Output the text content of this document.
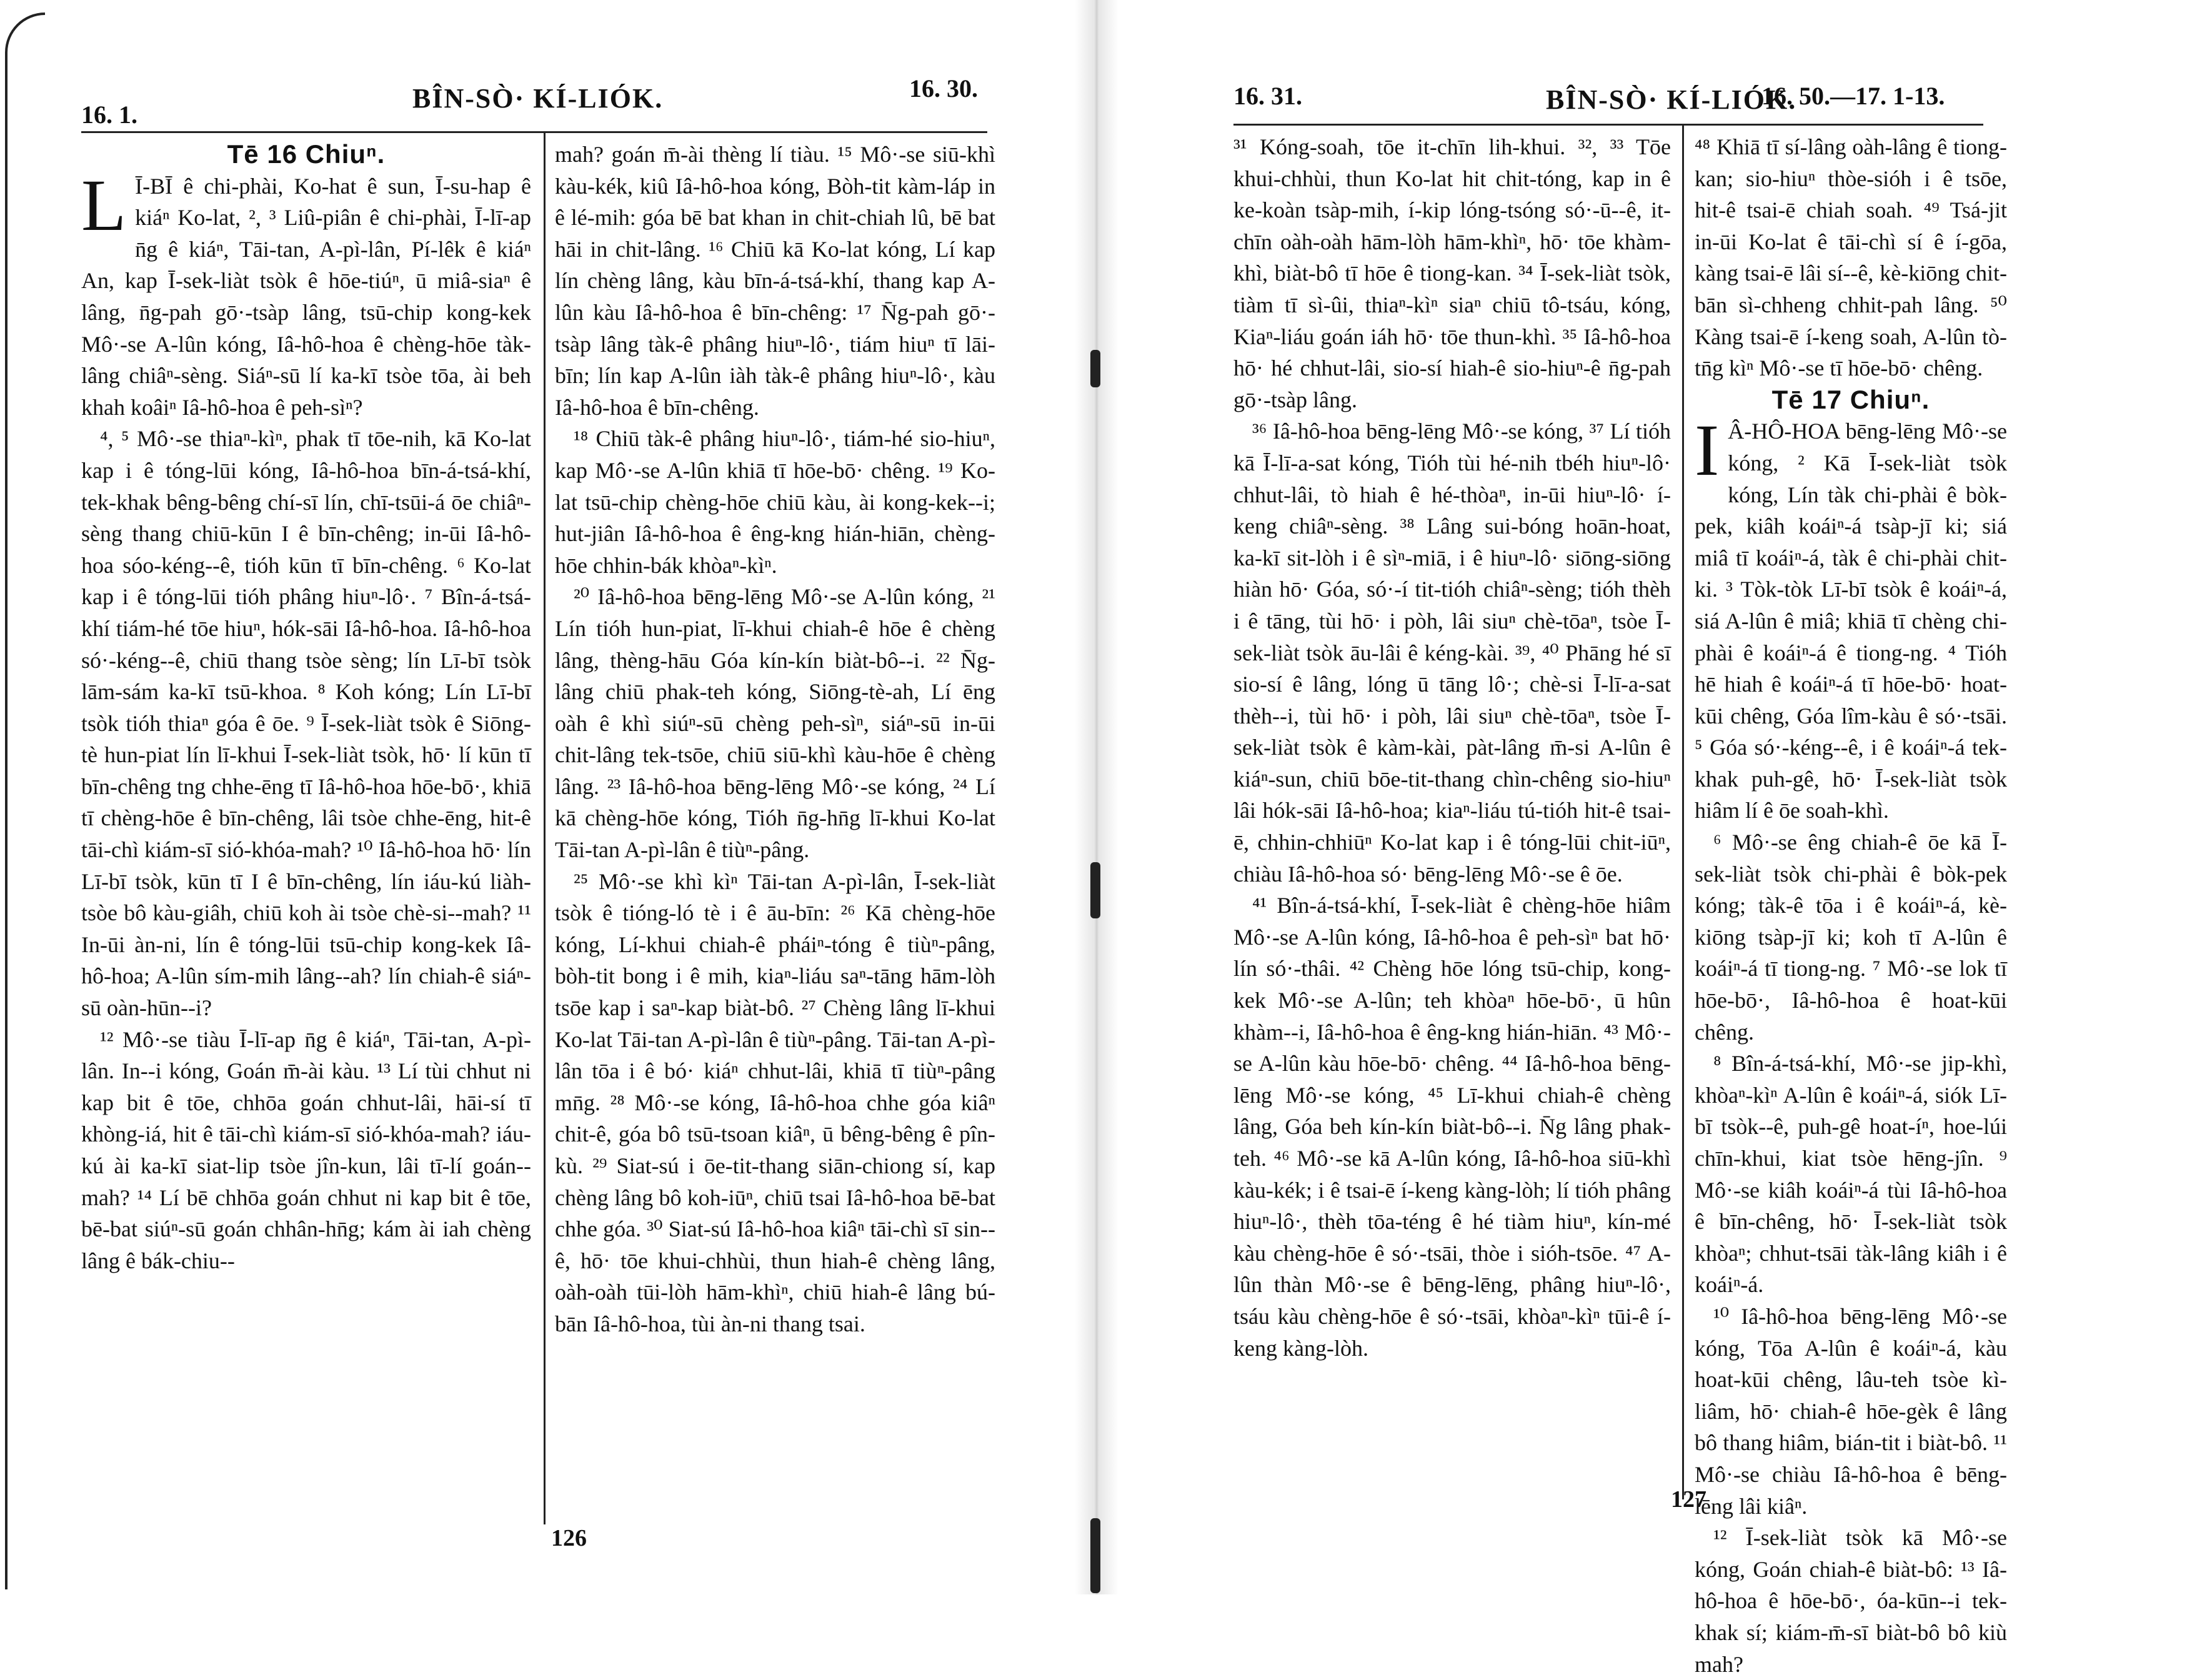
16. 1.
BÎN-SÒ· KÍ-LIÓK.	16. 30.

Tē 16 Chiuⁿ.

L Ī-BĪ ê chi-phài, Ko-hat ê sun, Ī-su-hap ê kiáⁿ Ko-lat, ², ³ Liû-piân ê chi-phài, Ī-lī-ap n̄g ê kiáⁿ, Tāi-tan, A-pì-lân, Pí-lêk ê kiáⁿ An, kap Ī-sek-liàt tsòk ê hōe-tiúⁿ, ū miâ-siaⁿ ê lâng, n̄g-pah gō·-tsàp lâng, tsū-chip kong-kek Mô·-se A-lûn kóng, Iâ-hô-hoa ê chèng-hōe tàk-lâng chiâⁿ-sèng. Siáⁿ-sū lí ka-kī tsòe tōa, ài beh khah koâiⁿ Iâ-hô-hoa ê peh-sìⁿ?

⁴, ⁵ Mô·-se thiaⁿ-kìⁿ, phak tī tōe-nih, kā Ko-lat kap i ê tóng-lūi kóng, Iâ-hô-hoa bīn-á-tsá-khí, tek-khak bêng-bêng chí-sī lín, chī-tsūi-á ōe chiâⁿ-sèng thang chiū-kūn I ê bīn-chêng; in-ūi Iâ-hô-hoa sóo-kéng--ê, tióh kūn tī bīn-chêng. ⁶ Ko-lat kap i ê tóng-lūi tióh phâng hiuⁿ-lô·. ⁷ Bîn-á-tsá-khí tiám-hé tōe hiuⁿ, hók-sāi Iâ-hô-hoa. Iâ-hô-hoa só·-kéng--ê, chiū thang tsòe sèng; lín Lī-bī tsòk lām-sám ka-kī tsū-khoa. ⁸ Koh kóng; Lín Lī-bī tsòk tióh thiaⁿ góa ê ōe. ⁹ Ī-sek-liàt tsòk ê Siōng-tè hun-piat lín lī-khui Ī-sek-liàt tsòk, hō· lí kūn tī bīn-chêng tng chhe-ēng tī Iâ-hô-hoa hōe-bō·, khiā tī chèng-hōe ê bīn-chêng, lâi tsòe chhe-ēng, hit-ê tāi-chì kiám-sī sió-khóa-mah? ¹⁰ Iâ-hô-hoa hō· lín Lī-bī tsòk, kūn tī I ê bīn-chêng, lín iáu-kú liàh-tsòe bô kàu-giâh, chiū koh ài tsòe chè-si--mah? ¹¹ In-ūi àn-ni, lín ê tóng-lūi tsū-chip kong-kek Iâ-hô-hoa; A-lûn sím-mih lâng--ah? lín chiah-ê siáⁿ-sū oàn-hūn--i?

¹² Mô·-se tiàu Ī-lī-ap n̄g ê kiáⁿ, Tāi-tan, A-pì-lân. In--i kóng, Goán m̄-ài kàu. ¹³ Lí tùi chhut ni kap bit ê tōe, chhōa goán chhut-lâi, hāi-sí tī khòng-iá, hit ê tāi-chì kiám-sī sió-khóa-mah? iáu-kú ài ka-kī siat-lip tsòe jîn-kun, lâi tī-lí goán--mah? ¹⁴ Lí bē chhōa goán chhut ni kap bit ê tōe, bē-bat siúⁿ-sū goán chhân-hn̄g; kám ài iah chèng lâng ê bák-chiu--

mah? goán m̄-ài thèng lí tiàu. ¹⁵ Mô·-se siū-khì kàu-kék, kiû Iâ-hô-hoa kóng, Bòh-tit kàm-láp in ê lé-mih: góa bē bat khan in chit-chiah lû, bē bat hāi in chit-lâng. ¹⁶ Chiū kā Ko-lat kóng, Lí kap lín chèng lâng, kàu bīn-á-tsá-khí, thang kap A-lûn kàu Iâ-hô-hoa ê bīn-chêng: ¹⁷ N̄g-pah gō·-tsàp lâng tàk-ê phâng hiuⁿ-lô·, tiám hiuⁿ tī lāi-bīn; lín kap A-lûn iàh tàk-ê phâng hiuⁿ-lô·, kàu Iâ-hô-hoa ê bīn-chêng.

¹⁸ Chiū tàk-ê phâng hiuⁿ-lô·, tiám-hé sio-hiuⁿ, kap Mô·-se A-lûn khiā tī hōe-bō· chêng. ¹⁹ Ko-lat tsū-chip chèng-hōe chiū kàu, ài kong-kek--i; hut-jiân Iâ-hô-hoa ê êng-kng hián-hiān, chèng-hōe chhin-bák khòaⁿ-kìⁿ.

²⁰ Iâ-hô-hoa bēng-lēng Mô·-se A-lûn kóng, ²¹ Lín tióh hun-piat, lī-khui chiah-ê hōe ê chèng lâng, thèng-hāu Góa kín-kín biàt-bô--i. ²² N̄g-lâng chiū phak-teh kóng, Siōng-tè-ah, Lí ēng oàh ê khì siúⁿ-sū chèng peh-sìⁿ, siáⁿ-sū in-ūi chit-lâng tek-tsōe, chiū siū-khì kàu-hōe ê chèng lâng. ²³ Iâ-hô-hoa bēng-lēng Mô·-se kóng, ²⁴ Lí kā chèng-hōe kóng, Tióh n̄g-hn̄g lī-khui Ko-lat Tāi-tan A-pì-lân ê tiùⁿ-pâng.

²⁵ Mô·-se khì kìⁿ Tāi-tan A-pì-lân, Ī-sek-liàt tsòk ê tióng-ló tè i ê āu-bīn: ²⁶ Kā chèng-hōe kóng, Lí-khui chiah-ê pháiⁿ-tóng ê tiùⁿ-pâng, bòh-tit bong i ê mih, kiaⁿ-liáu saⁿ-tāng hām-lòh tsōe kap i saⁿ-kap biàt-bô. ²⁷ Chèng lâng lī-khui Ko-lat Tāi-tan A-pì-lân ê tiùⁿ-pâng. Tāi-tan A-pì-lân tōa i ê bó· kiáⁿ chhut-lâi, khiā tī tiùⁿ-pâng mn̄g. ²⁸ Mô·-se kóng, Iâ-hô-hoa chhe góa kiâⁿ chit-ê, góa bô tsū-tsoan kiâⁿ, ū bêng-bêng ê pîn-kù. ²⁹ Siat-sú i ōe-tit-thang siān-chiong sí, kap chèng lâng bô koh-iūⁿ, chiū tsai Iâ-hô-hoa bē-bat chhe góa. ³⁰ Siat-sú Iâ-hô-hoa kiâⁿ tāi-chì sī sin--ê, hō· tōe khui-chhùi, thun hiah-ê chèng lâng, oàh-oàh tūi-lòh hām-khìⁿ, chiū hiah-ê lâng bú-bān Iâ-hô-hoa, tùi àn-ni thang tsai.

126
16. 31.	BÎN-SÒ· KÍ-LIÓK.
16. 50.—17. 1-13.

³¹ Kóng-soah, tōe it-chīn lih-khui. ³², ³³ Tōe khui-chhùi, thun Ko-lat hit chit-tóng, kap in ê ke-koàn tsàp-mih, í-kip lóng-tsóng só·-ū--ê, it-chīn oàh-oàh hām-lòh hām-khìⁿ, hō· tōe khàm-khì, biàt-bô tī hōe ê tiong-kan. ³⁴ Ī-sek-liàt tsòk, tiàm tī sì-ûi, thiaⁿ-kìⁿ siaⁿ chiū tô-tsáu, kóng, Kiaⁿ-liáu goán iáh hō· tōe thun-khì. ³⁵ Iâ-hô-hoa hō· hé chhut-lâi, sio-sí hiah-ê sio-hiuⁿ-ê n̄g-pah gō·-tsàp lâng.

³⁶ Iâ-hô-hoa bēng-lēng Mô·-se kóng, ³⁷ Lí tióh kā Ī-lī-a-sat kóng, Tióh tùi hé-nih tbéh hiuⁿ-lô· chhut-lâi, tò hiah ê hé-thòaⁿ, in-ūi hiuⁿ-lô· í-keng chiâⁿ-sèng. ³⁸ Lâng sui-bóng hoān-hoat, ka-kī sit-lòh i ê sìⁿ-miā, i ê hiuⁿ-lô· siōng-siōng hiàn hō· Góa, só·-í tit-tióh chiâⁿ-sèng; tióh thèh i ê tāng, tùi hō· i pòh, lâi siuⁿ chè-tōaⁿ, tsòe Ī-sek-liàt tsòk āu-lâi ê kéng-kài. ³⁹, ⁴⁰ Phāng hé sī sio-sí ê lâng, lóng ū tāng lô·; chè-si Ī-lī-a-sat thèh--i, tùi hō· i pòh, lâi siuⁿ chè-tōaⁿ, tsòe Ī-sek-liàt tsòk ê kàm-kài, pàt-lâng m̄-si A-lûn ê kiáⁿ-sun, chiū bōe-tit-thang chìn-chêng sio-hiuⁿ lâi hók-sāi Iâ-hô-hoa; kiaⁿ-liáu tú-tióh hit-ê tsai-ē, chhin-chhiūⁿ Ko-lat kap i ê tóng-lūi chit-iūⁿ, chiàu Iâ-hô-hoa só· bēng-lēng Mô·-se ê ōe.

⁴¹ Bîn-á-tsá-khí, Ī-sek-liàt ê chèng-hōe hiâm Mô·-se A-lûn kóng, Iâ-hô-hoa ê peh-sìⁿ bat hō· lín só·-thâi. ⁴² Chèng hōe lóng tsū-chip, kong-kek Mô·-se A-lûn; teh khòaⁿ hōe-bō·, ū hûn khàm--i, Iâ-hô-hoa ê êng-kng hián-hiān. ⁴³ Mô·-se A-lûn kàu hōe-bō· chêng. ⁴⁴ Iâ-hô-hoa bēng-lēng Mô·-se kóng, ⁴⁵ Lī-khui chiah-ê chèng lâng, Góa beh kín-kín biàt-bô--i. N̄g lâng phak-teh. ⁴⁶ Mô·-se kā A-lûn kóng, Iâ-hô-hoa siū-khì kàu-kék; i ê tsai-ē í-keng kàng-lòh; lí tióh phâng hiuⁿ-lô·, thèh tōa-téng ê hé tiàm hiuⁿ, kín-mé kàu chèng-hōe ê só·-tsāi, thòe i sióh-tsōe. ⁴⁷ A-lûn thàn Mô·-se ê bēng-lēng, phâng hiuⁿ-lô·, tsáu kàu chèng-hōe ê só·-tsāi, khòaⁿ-kìⁿ tūi-ê í-keng kàng-lòh.

⁴⁸ Khiā tī sí-lâng oàh-lâng ê tiong-kan; sio-hiuⁿ thòe-sióh i ê tsōe, hit-ê tsai-ē chiah soah. ⁴⁹ Tsá-jit in-ūi Ko-lat ê tāi-chì sí ê í-gōa, kàng tsai-ē lâi sí--ê, kè-kiōng chit-bān sì-chheng chhit-pah lâng. ⁵⁰ Kàng tsai-ē í-keng soah, A-lûn tò-tn̄g kìⁿ Mô·-se tī hōe-bō· chêng.

Tē 17 Chiuⁿ.

I Â-HÔ-HOA bēng-lēng Mô·-se kóng, ² Kā Ī-sek-liàt tsòk kóng, Lín tàk chi-phài ê bòk-pek, kiâh koáiⁿ-á tsàp-jī ki; siá miâ tī koáiⁿ-á, tàk ê chi-phài chit-ki. ³ Tòk-tòk Lī-bī tsòk ê koáiⁿ-á, siá A-lûn ê miâ; khiā tī chèng chi-phài ê koáiⁿ-á ê tiong-ng. ⁴ Tióh hē hiah ê koáiⁿ-á tī hōe-bō· hoat-kūi chêng, Góa lîm-kàu ê só·-tsāi. ⁵ Góa só·-kéng--ê, i ê koáiⁿ-á tek-khak puh-gê, hō· Ī-sek-liàt tsòk hiâm lí ê ōe soah-khì.

⁶ Mô·-se êng chiah-ê ōe kā Ī-sek-liàt tsòk chi-phài ê bòk-pek kóng; tàk-ê tōa i ê koáiⁿ-á, kè-kiōng tsàp-jī ki; koh tī A-lûn ê koáiⁿ-á tī tiong-ng. ⁷ Mô·-se lok tī hōe-bō·, Iâ-hô-hoa ê hoat-kūi chêng.

⁸ Bîn-á-tsá-khí, Mô·-se jip-khì, khòaⁿ-kìⁿ A-lûn ê koáiⁿ-á, siók Lī-bī tsòk--ê, puh-gê hoat-íⁿ, hoe-lúi chīn-khui, kiat tsòe hēng-jîn. ⁹ Mô·-se kiâh koáiⁿ-á tùi Iâ-hô-hoa ê bīn-chêng, hō· Ī-sek-liàt tsòk khòaⁿ; chhut-tsāi tàk-lâng kiâh i ê koáiⁿ-á.

¹⁰ Iâ-hô-hoa bēng-lēng Mô·-se kóng, Tōa A-lûn ê koáiⁿ-á, kàu hoat-kūi chêng, lâu-teh tsòe kì-liâm, hō· chiah-ê hōe-gèk ê lâng bô thang hiâm, bián-tit i biàt-bô. ¹¹ Mô·-se chiàu Iâ-hô-hoa ê bēng-lēng lâi kiâⁿ.

¹² Ī-sek-liàt tsòk kā Mô·-se kóng, Goán chiah-ê biàt-bô: ¹³ Iâ-hô-hoa ê hōe-bō·, óa-kūn--i tek-khak sí; kiám-m̄-sī biàt-bô bô kiù mah?

127
